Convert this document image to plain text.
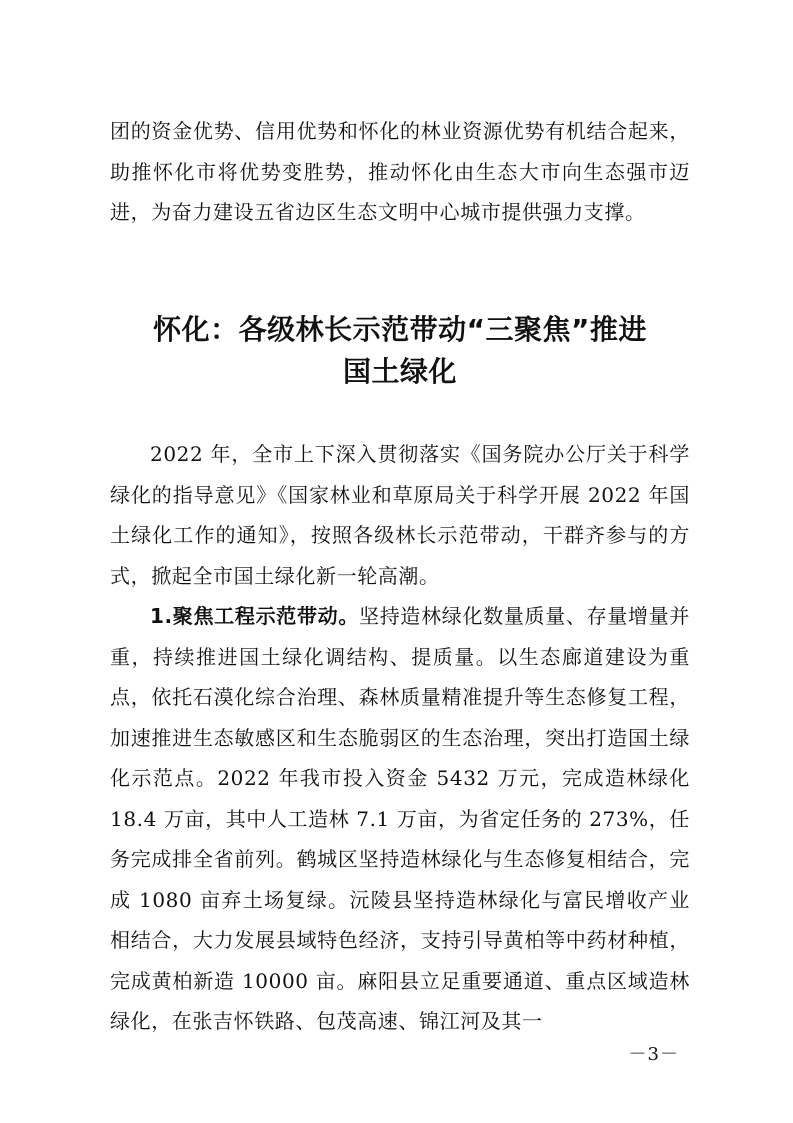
团的资金优势、信用优势和怀化的林业资源优势有机结合起来，助推怀化市将优势变胜势，推动怀化由生态大市向生态强市迈进，为奋力建设五省边区生态文明中心城市提供强力支撑。

怀化：各级林长示范带动“三聚焦”推进
国土绿化

2022 年，全市上下深入贯彻落实《国务院办公厅关于科学绿化的指导意见》《国家林业和草原局关于科学开展 2022 年国土绿化工作的通知》，按照各级林长示范带动，干群齐参与的方式，掀起全市国土绿化新一轮高潮。

1.聚焦工程示范带动。坚持造林绿化数量质量、存量增量并重，持续推进国土绿化调结构、提质量。以生态廊道建设为重点，依托石漠化综合治理、森林质量精准提升等生态修复工程，加速推进生态敏感区和生态脆弱区的生态治理，突出打造国土绿化示范点。2022 年我市投入资金 5432 万元，完成造林绿化 18.4 万亩，其中人工造林 7.1 万亩，为省定任务的 273%，任务完成排全省前列。鹤城区坚持造林绿化与生态修复相结合，完成 1080 亩弃土场复绿。沅陵县坚持造林绿化与富民增收产业相结合，大力发展县域特色经济，支持引导黄柏等中药材种植，完成黄柏新造 10000 亩。麻阳县立足重要通道、重点区域造林绿化，在张吉怀铁路、包茂高速、锦江河及其一

－3－
